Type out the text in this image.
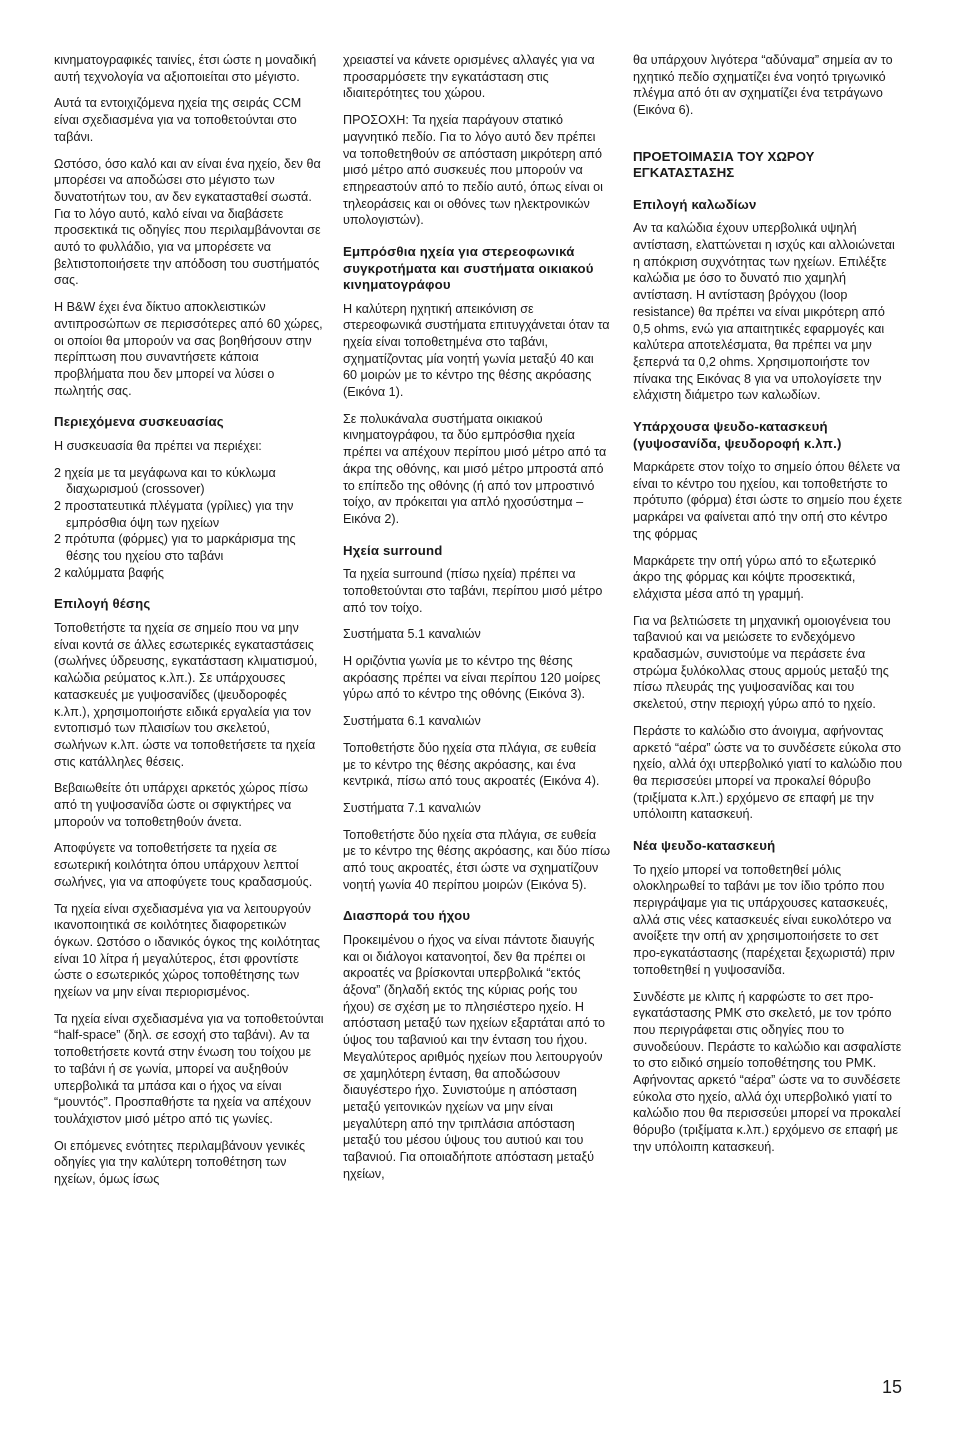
κινηματογραφικές ταινίες, έτσι ώστε η μοναδική αυτή τεχνολογία να αξιοποιείται στο μέγιστο.

Αυτά τα εντοιχιζόμενα ηχεία της σειράς CCM είναι σχεδιασμένα για να τοποθετούνται στο ταβάνι.

Ωστόσο, όσο καλό και αν είναι ένα ηχείο, δεν θα μπορέσει να αποδώσει στο μέγιστο των δυνατοτήτων του, αν δεν εγκατασταθεί σωστά. Για το λόγο αυτό, καλό είναι να διαβάσετε προσεκτικά τις οδηγίες που περιλαμβάνονται σε αυτό το φυλλάδιο, για να μπορέσετε να βελτιστοποιήσετε την απόδοση του συστήματός σας.

Η B&W έχει ένα δίκτυο αποκλειστικών αντιπροσώπων σε περισσότερες από 60 χώρες, οι οποίοι θα μπορούν να σας βοηθήσουν στην περίπτωση που συναντήσετε κάποια προβλήματα που δεν μπορεί να λύσει ο πωλητής σας.

Περιεχόμενα συσκευασίας

Η συσκευασία θα πρέπει να περιέχει:

2 ηχεία με τα μεγάφωνα και το κύκλωμα διαχωρισμού (crossover)
2 προστατευτικά πλέγματα (γρίλιες) για την εμπρόσθια όψη των ηχείων
2 πρότυπα (φόρμες) για το μαρκάρισμα της θέσης του ηχείου στο ταβάνι
2 καλύμματα βαφής
Επιλογή θέσης

Τοποθετήστε τα ηχεία σε σημείο που να μην είναι κοντά σε άλλες εσωτερικές εγκαταστάσεις (σωλήνες ύδρευσης, εγκατάσταση κλιματισμού, καλώδια ρεύματος κ.λπ.). Σε υπάρχουσες κατασκευές με γυψοσανίδες (ψευδοροφές κ.λπ.), χρησιμοποιήστε ειδικά εργαλεία για τον εντοπισμό των πλαισίων του σκελετού, σωλήνων κ.λπ. ώστε να τοποθετήσετε τα ηχεία στις κατάλληλες θέσεις.

Βεβαιωθείτε ότι υπάρχει αρκετός χώρος πίσω από τη γυψοσανίδα ώστε οι σφιγκτήρες να μπορούν να τοποθετηθούν άνετα.

Αποφύγετε να τοποθετήσετε τα ηχεία σε εσωτερική κοιλότητα όπου υπάρχουν λεπτοί σωλήνες, για να αποφύγετε τους κραδασμούς.

Τα ηχεία είναι σχεδιασμένα για να λειτουργούν ικανοποιητικά σε κοιλότητες διαφορετικών όγκων. Ωστόσο ο ιδανικός όγκος της κοιλότητας είναι 10 λίτρα ή μεγαλύτερος, έτσι φροντίστε ώστε ο εσωτερικός χώρος τοποθέτησης των ηχείων να μην είναι περιορισμένος.

Τα ηχεία είναι σχεδιασμένα για να τοποθετούνται “half-space” (δηλ. σε εσοχή στο ταβάνι). Αν τα τοποθετήσετε κοντά στην ένωση του τοίχου με το ταβάνι ή σε γωνία, μπορεί να αυξηθούν υπερβολικά τα μπάσα και ο ήχος να είναι “μουντός”. Προσπαθήστε τα ηχεία να απέχουν τουλάχιστον μισό μέτρο από τις γωνίες.

Οι επόμενες ενότητες περιλαμβάνουν γενικές οδηγίες για την καλύτερη τοποθέτηση των ηχείων, όμως ίσως

χρειαστεί να κάνετε ορισμένες αλλαγές για να προσαρμόσετε την εγκατάσταση στις ιδιαιτερότητες του χώρου.

ΠΡΟΣΟΧΗ: Τα ηχεία παράγουν στατικό μαγνητικό πεδίο. Για το λόγο αυτό δεν πρέπει να τοποθετηθούν σε απόσταση μικρότερη από μισό μέτρο από συσκευές που μπορούν να επηρεαστούν από το πεδίο αυτό, όπως είναι οι τηλεοράσεις και οι οθόνες των ηλεκτρονικών υπολογιστών).

Εμπρόσθια ηχεία για στερεοφωνικά συγκροτήματα και συστήματα οικιακού κινηματογράφου

Η καλύτερη ηχητική απεικόνιση σε στερεοφωνικά συστήματα επιτυγχάνεται όταν τα ηχεία είναι τοποθετημένα στο ταβάνι, σχηματίζοντας μία νοητή γωνία μεταξύ 40 και 60 μοιρών με το κέντρο της θέσης ακρόασης (Εικόνα 1).

Σε πολυκάναλα συστήματα οικιακού κινηματογράφου, τα δύο εμπρόσθια ηχεία πρέπει να απέχουν περίπου μισό μέτρο από τα άκρα της οθόνης, και μισό μέτρο μπροστά από το επίπεδο της οθόνης (ή από τον μπροστινό τοίχο, αν πρόκειται για απλό ηχοσύστημα – Εικόνα 2).

Ηχεία surround

Τα ηχεία surround (πίσω ηχεία) πρέπει να τοποθετούνται στο ταβάνι, περίπου μισό μέτρο από τον τοίχο.

Συστήματα 5.1 καναλιών

Η οριζόντια γωνία με το κέντρο της θέσης ακρόασης πρέπει να είναι περίπου 120 μοίρες γύρω από το κέντρο της οθόνης (Εικόνα 3).

Συστήματα 6.1 καναλιών

Τοποθετήστε δύο ηχεία στα πλάγια, σε ευθεία με το κέντρο της θέσης ακρόασης, και ένα κεντρικά, πίσω από τους ακροατές (Εικόνα 4).

Συστήματα 7.1 καναλιών

Τοποθετήστε δύο ηχεία στα πλάγια, σε ευθεία με το κέντρο της θέσης ακρόασης, και δύο πίσω από τους ακροατές, έτσι ώστε να σχηματίζουν νοητή γωνία 40 περίπου μοιρών (Εικόνα 5).

Διασπορά του ήχου

Προκειμένου ο ήχος να είναι πάντοτε διαυγής και οι διάλογοι κατανοητοί, δεν θα πρέπει οι ακροατές να βρίσκονται υπερβολικά “εκτός άξονα” (δηλαδή εκτός της κύριας ροής του ήχου) σε σχέση με το πλησιέστερο ηχείο. Η απόσταση μεταξύ των ηχείων εξαρτάται από το ύψος του ταβανιού και την ένταση του ήχου. Μεγαλύτερος αριθμός ηχείων που λειτουργούν σε χαμηλότερη ένταση, θα αποδώσουν διαυγέστερο ήχο. Συνιστούμε η απόσταση μεταξύ γειτονικών ηχείων να μην είναι μεγαλύτερη από την τριπλάσια απόσταση μεταξύ του μέσου ύψους του αυτιού και του ταβανιού. Για οποιαδήποτε απόσταση μεταξύ ηχείων,

θα υπάρχουν λιγότερα “αδύναμα” σημεία αν το ηχητικό πεδίο σχηματίζει ένα νοητό τριγωνικό πλέγμα από ότι αν σχηματίζει ένα τετράγωνο (Εικόνα 6).

ΠΡΟΕΤΟΙΜΑΣΙΑ ΤΟΥ ΧΩΡΟΥ ΕΓΚΑΤΑΣΤΑΣΗΣ
Επιλογή καλωδίων

Αν τα καλώδια έχουν υπερβολικά υψηλή αντίσταση, ελαττώνεται η ισχύς και αλλοιώνεται η απόκριση συχνότητας των ηχείων. Επιλέξτε καλώδια με όσο το δυνατό πιο χαμηλή αντίσταση. Η αντίσταση βρόγχου (loop resistance) θα πρέπει να είναι μικρότερη από 0,5 ohms, ενώ για απαιτητικές εφαρμογές και καλύτερα αποτελέσματα, θα πρέπει να μην ξεπερνά τα 0,2 ohms. Χρησιμοποιήστε τον πίνακα της Εικόνας 8 για να υπολογίσετε την ελάχιστη διάμετρο των καλωδίων.

Υπάρχουσα ψευδο-κατασκευή (γυψοσανίδα, ψευδοροφή κ.λπ.)

Μαρκάρετε στον τοίχο το σημείο όπου θέλετε να είναι το κέντρο του ηχείου, και τοποθετήστε το πρότυπο (φόρμα) έτσι ώστε το σημείο που έχετε μαρκάρει να φαίνεται από την οπή στο κέντρο της φόρμας

Μαρκάρετε την οπή γύρω από το εξωτερικό άκρο της φόρμας και κόψτε προσεκτικά, ελάχιστα μέσα από τη γραμμή.

Για να βελτιώσετε τη μηχανική ομοιογένεια του ταβανιού και να μειώσετε το ενδεχόμενο κραδασμών, συνιστούμε να περάσετε ένα στρώμα ξυλόκολλας στους αρμούς μεταξύ της πίσω πλευράς της γυψοσανίδας και του σκελετού, στην περιοχή γύρω από το ηχείο.

Περάστε το καλώδιο στο άνοιγμα, αφήνοντας αρκετό “αέρα” ώστε να το συνδέσετε εύκολα στο ηχείο, αλλά όχι υπερβολικό γιατί το καλώδιο που θα περισσεύει μπορεί να προκαλεί θόρυβο (τριξίματα κ.λπ.) ερχόμενο σε επαφή με την υπόλοιπη κατασκευή.

Νέα ψευδο-κατασκευή

Το ηχείο μπορεί να τοποθετηθεί μόλις ολοκληρωθεί το ταβάνι με τον ίδιο τρόπο που περιγράψαμε για τις υπάρχουσες κατασκευές, αλλά στις νέες κατασκευές είναι ευκολότερο να ανοίξετε την οπή αν χρησιμοποιήσετε το σετ προ-εγκατάστασης (παρέχεται ξεχωριστά) πριν τοποθετηθεί η γυψοσανίδα.

Συνδέστε με κλιπς ή καρφώστε το σετ προ-εγκατάστασης PMK στο σκελετό, με τον τρόπο που περιγράφεται στις οδηγίες που το συνοδεύουν. Περάστε το καλώδιο και ασφαλίστε το στο ειδικό σημείο τοποθέτησης του PMK. Αφήνοντας αρκετό “αέρα” ώστε να το συνδέσετε εύκολα στο ηχείο, αλλά όχι υπερβολικό γιατί το καλώδιο που θα περισσεύει μπορεί να προκαλεί θόρυβο (τριξίματα κ.λπ.) ερχόμενο σε επαφή με την υπόλοιπη κατασκευή.

15
